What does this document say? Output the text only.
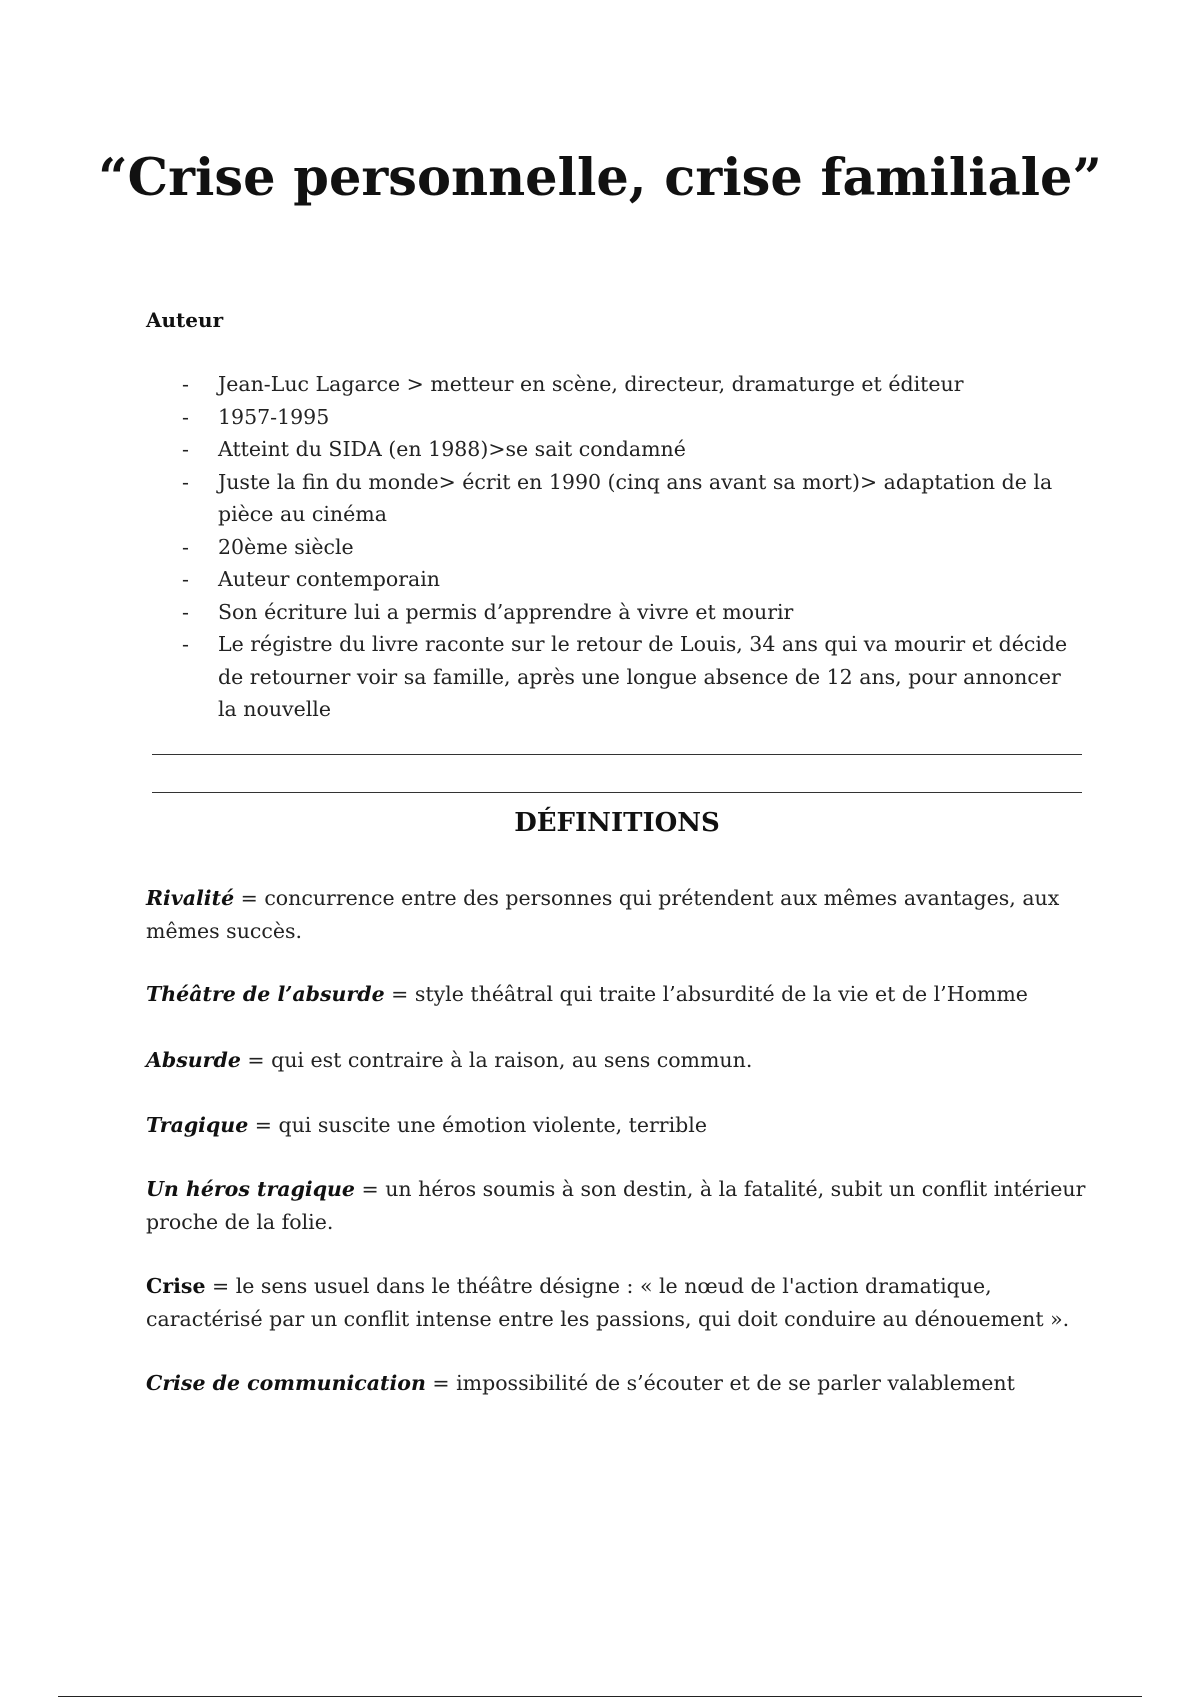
“Crise personnelle, crise familiale”
Auteur
- Jean-Luc Lagarce > metteur en scène, directeur, dramaturge et éditeur
- 1957-1995
- Atteint du SIDA (en 1988)>se sait condamné
- Juste la fin du monde> écrit en 1990 (cinq ans avant sa mort)> adaptation de la pièce au cinéma
- 20ème siècle
- Auteur contemporain
- Son écriture lui a permis d’apprendre à vivre et mourir
- Le régistre du livre raconte sur le retour de Louis, 34 ans qui va mourir et décide de retourner voir sa famille, après une longue absence de 12 ans, pour annoncer la nouvelle
DÉFINITIONS

Rivalité = concurrence entre des personnes qui prétendent aux mêmes avantages, aux mêmes succès.

Théâtre de l’absurde = style théâtral qui traite l’absurdité de la vie et de l’Homme

Absurde = qui est contraire à la raison, au sens commun.

Tragique = qui suscite une émotion violente, terrible

Un héros tragique = un héros soumis à son destin, à la fatalité, subit un conflit intérieur proche de la folie.

Crise = le sens usuel dans le théâtre désigne : « le nœud de l'action dramatique, caractérisé par un conflit intense entre les passions, qui doit conduire au dénouement ».

Crise de communication = impossibilité de s’écouter et de se parler valablement
